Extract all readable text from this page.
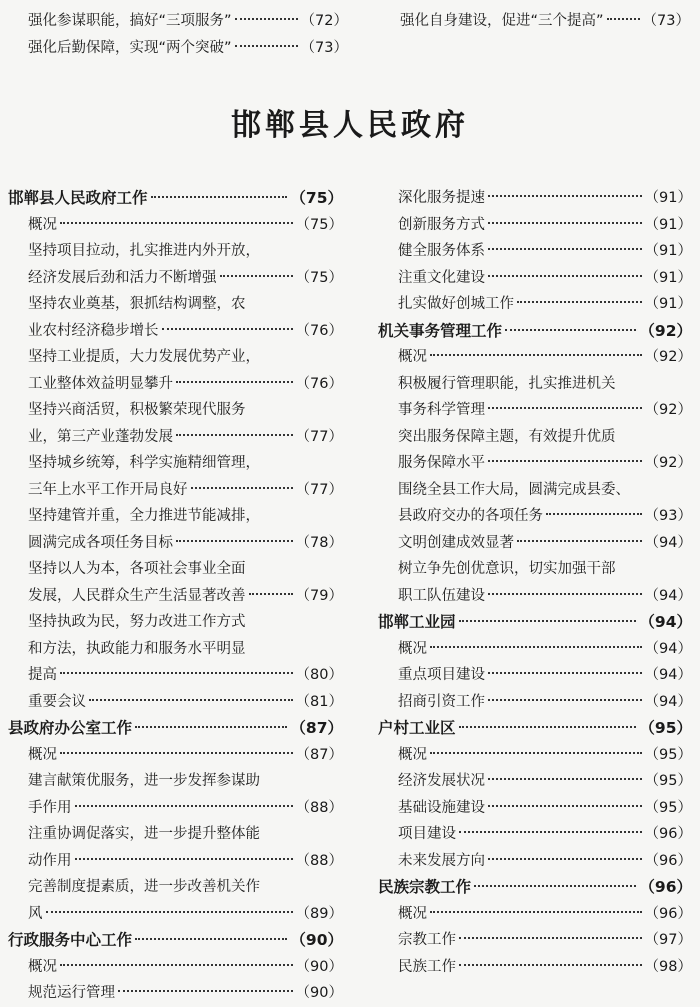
强化参谋职能，搞好“三项服务”	（72）
强化后勤保障，实现“两个突破”	（73）
强化自身建设，促进“三个提高”	（73）
邯郸县人民政府
邯郸县人民政府工作	（75）
概况	（75）
坚持项目拉动，扎实推进内外开放，
经济发展后劲和活力不断增强	（75）
坚持农业奠基，狠抓结构调整，农
业农村经济稳步增长	（76）
坚持工业提质，大力发展优势产业，
工业整体效益明显攀升	（76）
坚持兴商活贸，积极繁荣现代服务
业，第三产业蓬勃发展	（77）
坚持城乡统筹，科学实施精细管理，
三年上水平工作开局良好	（77）
坚持建管并重，全力推进节能减排，
圆满完成各项任务目标	（78）
坚持以人为本，各项社会事业全面
发展，人民群众生产生活显著改善	（79）
坚持执政为民，努力改进工作方式
和方法，执政能力和服务水平明显
提高	（80）
重要会议	（81）
县政府办公室工作	（87）
概况	（87）
建言献策优服务，进一步发挥参谋助
手作用	（88）
注重协调促落实，进一步提升整体能
动作用	（88）
完善制度提素质，进一步改善机关作
风	（89）
行政服务中心工作	（90）
概况	（90）
规范运行管理	（90）
深化服务提速	（91）
创新服务方式	（91）
健全服务体系	（91）
注重文化建设	（91）
扎实做好创城工作	（91）
机关事务管理工作	（92）
概况	（92）
积极履行管理职能，扎实推进机关
事务科学管理	（92）
突出服务保障主题，有效提升优质
服务保障水平	（92）
围绕全县工作大局，圆满完成县委、
县政府交办的各项任务	（93）
文明创建成效显著	（94）
树立争先创优意识，切实加强干部
职工队伍建设	（94）
邯郸工业园	（94）
概况	（94）
重点项目建设	（94）
招商引资工作	（94）
户村工业区	（95）
概况	（95）
经济发展状况	（95）
基础设施建设	（95）
项目建设	（96）
未来发展方向	（96）
民族宗教工作	（96）
概况	（96）
宗教工作	（97）
民族工作	（98）
